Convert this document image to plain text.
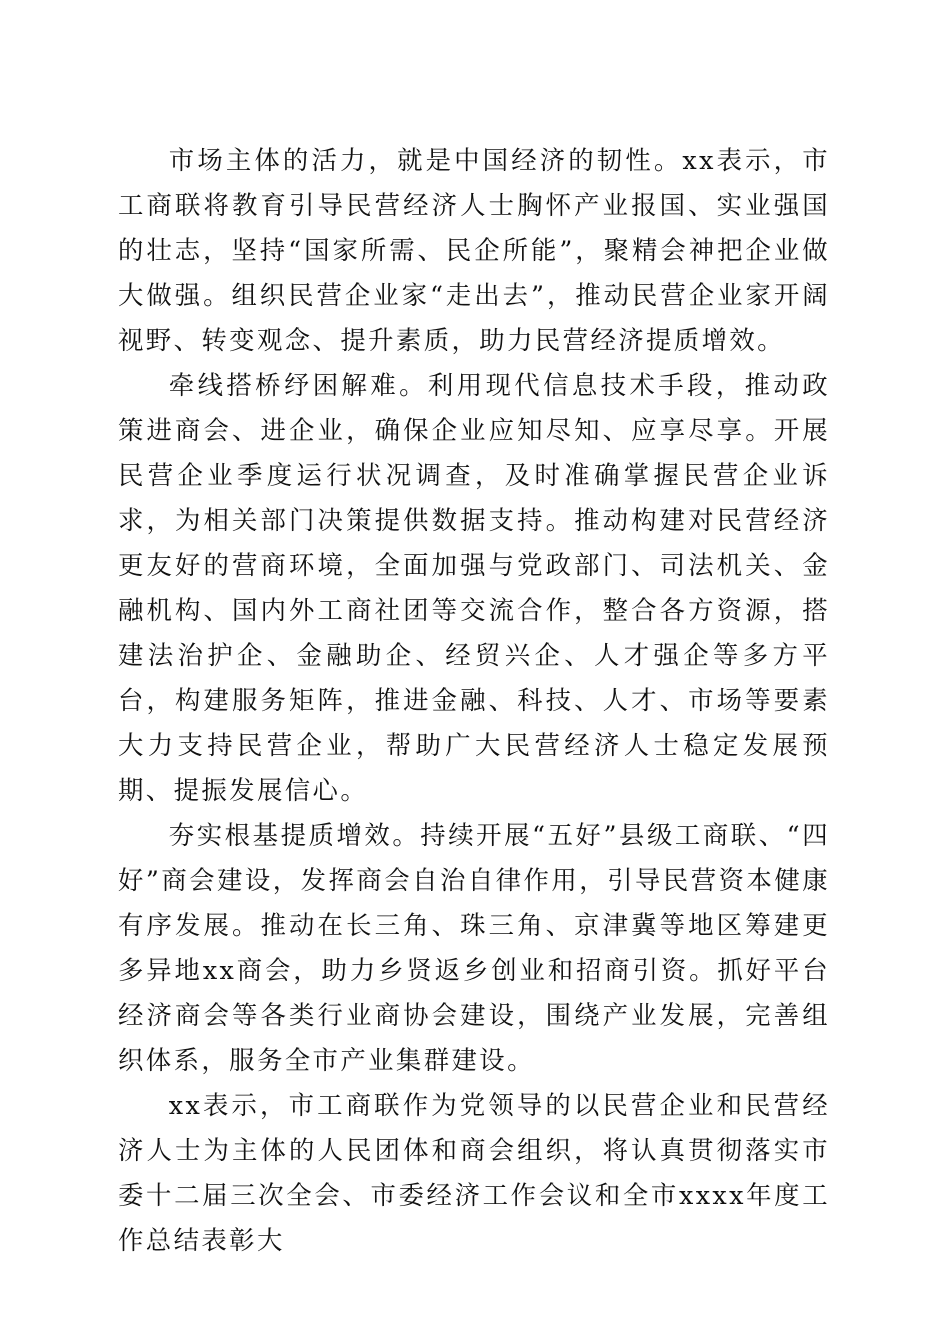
市场主体的活力，就是中国经济的韧性。xx表示，市工商联将教育引导民营经济人士胸怀产业报国、实业强国的壮志，坚持“国家所需、民企所能”，聚精会神把企业做大做强。组织民营企业家“走出去”，推动民营企业家开阔视野、转变观念、提升素质，助力民营经济提质增效。

牵线搭桥纾困解难。利用现代信息技术手段，推动政策进商会、进企业，确保企业应知尽知、应享尽享。开展民营企业季度运行状况调查，及时准确掌握民营企业诉求，为相关部门决策提供数据支持。推动构建对民营经济更友好的营商环境，全面加强与党政部门、司法机关、金融机构、国内外工商社团等交流合作，整合各方资源，搭建法治护企、金融助企、经贸兴企、人才强企等多方平台，构建服务矩阵，推进金融、科技、人才、市场等要素大力支持民营企业，帮助广大民营经济人士稳定发展预期、提振发展信心。

夯实根基提质增效。持续开展“五好”县级工商联、“四好”商会建设，发挥商会自治自律作用，引导民营资本健康有序发展。推动在长三角、珠三角、京津冀等地区筹建更多异地xx商会，助力乡贤返乡创业和招商引资。抓好平台经济商会等各类行业商协会建设，围绕产业发展，完善组织体系，服务全市产业集群建设。

xx表示，市工商联作为党领导的以民营企业和民营经济人士为主体的人民团体和商会组织，将认真贯彻落实市委十二届三次全会、市委经济工作会议和全市xxxx年度工作总结表彰大
